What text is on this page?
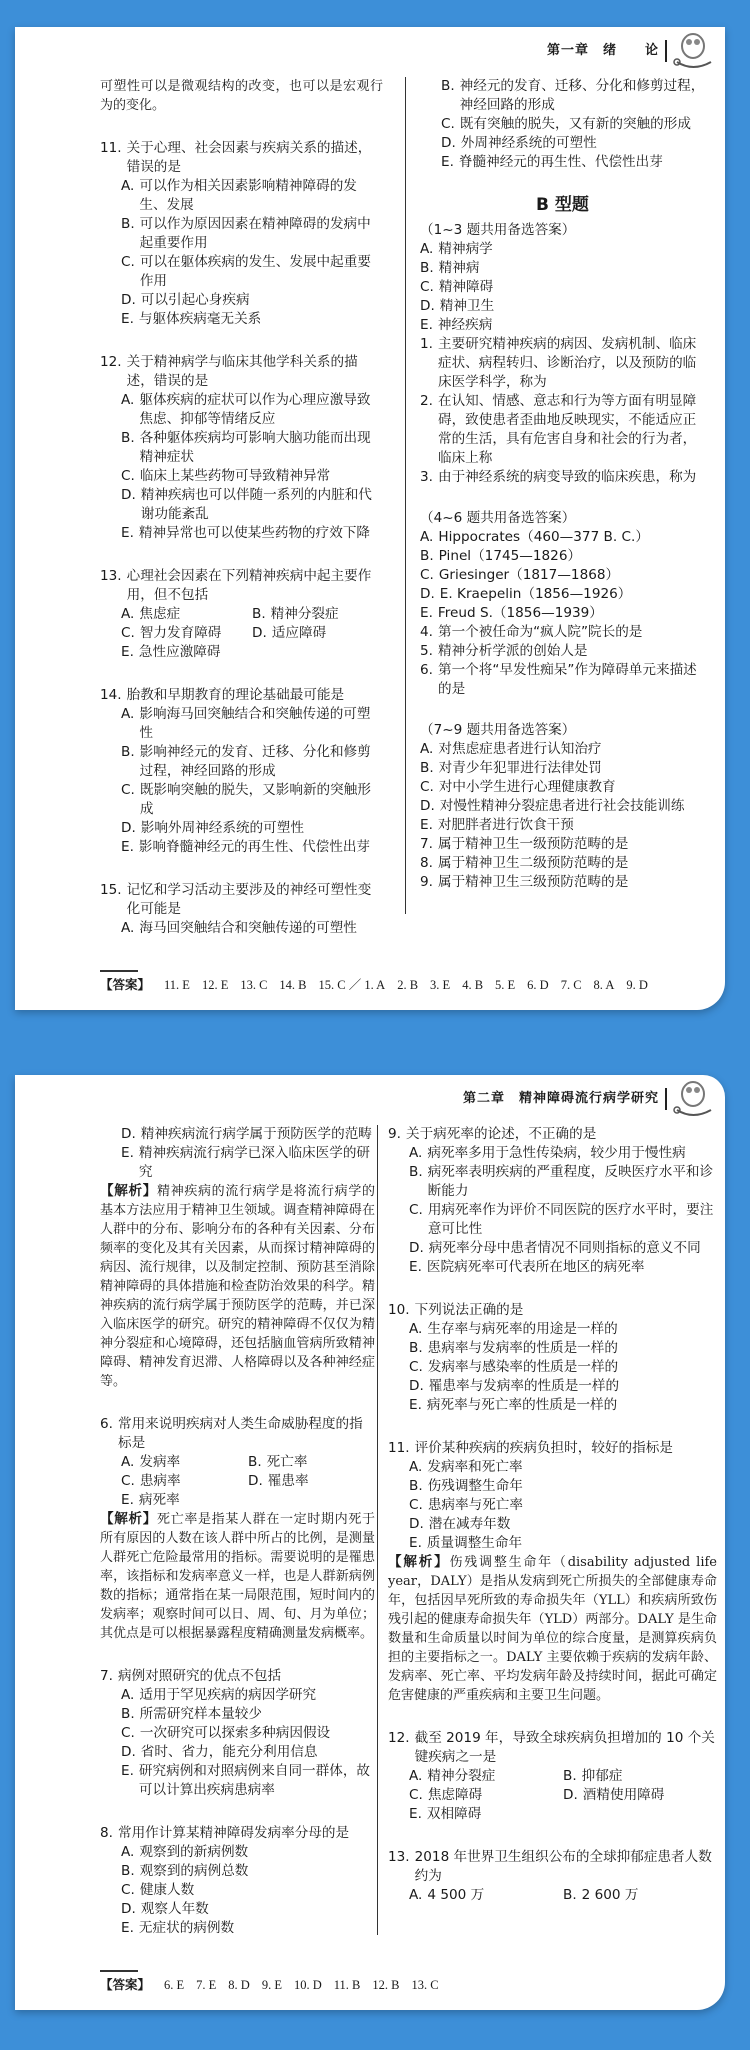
第一章　绪　　论
可塑性可以是微观结构的改变，也可以是宏观行为的变化。
11. 关于心理、社会因素与疾病关系的描述，错误的是
A. 可以作为相关因素影响精神障碍的发生、发展
B. 可以作为原因因素在精神障碍的发病中起重要作用
C. 可以在躯体疾病的发生、发展中起重要作用
D. 可以引起心身疾病
E. 与躯体疾病毫无关系
12. 关于精神病学与临床其他学科关系的描述，错误的是
A. 躯体疾病的症状可以作为心理应激导致焦虑、抑郁等情绪反应
B. 各种躯体疾病均可影响大脑功能而出现精神症状
C. 临床上某些药物可导致精神异常
D. 精神疾病也可以伴随一系列的内脏和代谢功能紊乱
E. 精神异常也可以使某些药物的疗效下降
13. 心理社会因素在下列精神疾病中起主要作用，但不包括
A. 焦虑症	B. 精神分裂症
C. 智力发育障碍 D. 适应障碍
E. 急性应激障碍
14. 胎教和早期教育的理论基础最可能是
A. 影响海马回突触结合和突触传递的可塑性
B. 影响神经元的发育、迁移、分化和修剪过程，神经回路的形成
C. 既影响突触的脱失，又影响新的突触形成
D. 影响外周神经系统的可塑性
E. 影响脊髓神经元的再生性、代偿性出芽
15. 记忆和学习活动主要涉及的神经可塑性变化可能是
A. 海马回突触结合和突触传递的可塑性
B. 神经元的发育、迁移、分化和修剪过程，神经回路的形成
C. 既有突触的脱失，又有新的突触的形成
D. 外周神经系统的可塑性
E. 脊髓神经元的再生性、代偿性出芽
B 型题
（1~3 题共用备选答案）
A. 精神病学
B. 精神病
C. 精神障碍
D. 精神卫生
E. 神经疾病
1. 主要研究精神疾病的病因、发病机制、临床症状、病程转归、诊断治疗，以及预防的临床医学科学，称为
2. 在认知、情感、意志和行为等方面有明显障碍，致使患者歪曲地反映现实，不能适应正常的生活，具有危害自身和社会的行为者，临床上称
3. 由于神经系统的病变导致的临床疾患，称为
（4~6 题共用备选答案）
A. Hippocrates（460—377 B. C.）
B. Pinel（1745—1826）
C. Griesinger（1817—1868）
D. E. Kraepelin（1856—1926）
E. Freud S.（1856—1939）
4. 第一个被任命为“疯人院”院长的是
5. 精神分析学派的创始人是
6. 第一个将“早发性痴呆”作为障碍单元来描述的是
（7~9 题共用备选答案）
A. 对焦虑症患者进行认知治疗
B. 对青少年犯罪进行法律处罚
C. 对中小学生进行心理健康教育
D. 对慢性精神分裂症患者进行社会技能训练
E. 对肥胖者进行饮食干预
7. 属于精神卫生一级预防范畴的是
8. 属于精神卫生二级预防范畴的是
9. 属于精神卫生三级预防范畴的是
【答案】 11. E 12. E 13. C 14. B 15. C ／ 1. A 2. B 3. E 4. B 5. E 6. D 7. C 8. A 9. D
第二章　精神障碍流行病学研究
D. 精神疾病流行病学属于预防医学的范畴
E. 精神疾病流行病学已深入临床医学的研究
【解析】精神疾病的流行病学是将流行病学的基本方法应用于精神卫生领域。调查精神障碍在人群中的分布、影响分布的各种有关因素、分布频率的变化及其有关因素，从而探讨精神障碍的病因、流行规律，以及制定控制、预防甚至消除精神障碍的具体措施和检查防治效果的科学。精神疾病的流行病学属于预防医学的范畴，并已深入临床医学的研究。研究的精神障碍不仅仅为精神分裂症和心境障碍，还包括脑血管病所致精神障碍、精神发育迟滞、人格障碍以及各种神经症等。
6. 常用来说明疾病对人类生命威胁程度的指标是
A. 发病率	B. 死亡率
C. 患病率	D. 罹患率
E. 病死率
【解析】死亡率是指某人群在一定时期内死于所有原因的人数在该人群中所占的比例，是测量人群死亡危险最常用的指标。需要说明的是罹患率，该指标和发病率意义一样，也是人群新病例数的指标；通常指在某一局限范围，短时间内的发病率；观察时间可以日、周、旬、月为单位；其优点是可以根据暴露程度精确测量发病概率。
7. 病例对照研究的优点不包括
A. 适用于罕见疾病的病因学研究
B. 所需研究样本量较少
C. 一次研究可以探索多种病因假设
D. 省时、省力，能充分利用信息
E. 研究病例和对照病例来自同一群体，故可以计算出疾病患病率
8. 常用作计算某精神障碍发病率分母的是
A. 观察到的新病例数
B. 观察到的病例总数
C. 健康人数
D. 观察人年数
E. 无症状的病例数
9. 关于病死率的论述，不正确的是
A. 病死率多用于急性传染病，较少用于慢性病
B. 病死率表明疾病的严重程度，反映医疗水平和诊断能力
C. 用病死率作为评价不同医院的医疗水平时，要注意可比性
D. 病死率分母中患者情况不同则指标的意义不同
E. 医院病死率可代表所在地区的病死率
10. 下列说法正确的是
A. 生存率与病死率的用途是一样的
B. 患病率与发病率的性质是一样的
C. 发病率与感染率的性质是一样的
D. 罹患率与发病率的性质是一样的
E. 病死率与死亡率的性质是一样的
11. 评价某种疾病的疾病负担时，较好的指标是
A. 发病率和死亡率
B. 伤残调整生命年
C. 患病率与死亡率
D. 潜在减寿年数
E. 质量调整生命年
【解析】伤残调整生命年（disability adjusted life year，DALY）是指从发病到死亡所损失的全部健康寿命年，包括因早死所致的寿命损失年（YLL）和疾病所致伤残引起的健康寿命损失年（YLD）两部分。DALY 是生命数量和生命质量以时间为单位的综合度量，是测算疾病负担的主要指标之一。DALY 主要依赖于疾病的发病年龄、发病率、死亡率、平均发病年龄及持续时间，据此可确定危害健康的严重疾病和主要卫生问题。
12. 截至 2019 年，导致全球疾病负担增加的 10 个关键疾病之一是
A. 精神分裂症	B. 抑郁症
C. 焦虑障碍	D. 酒精使用障碍
E. 双相障碍
13. 2018 年世界卫生组织公布的全球抑郁症患者人数约为
A. 4 500 万	B. 2 600 万
【答案】 6. E 7. E 8. D 9. E 10. D 11. B 12. B 13. C
